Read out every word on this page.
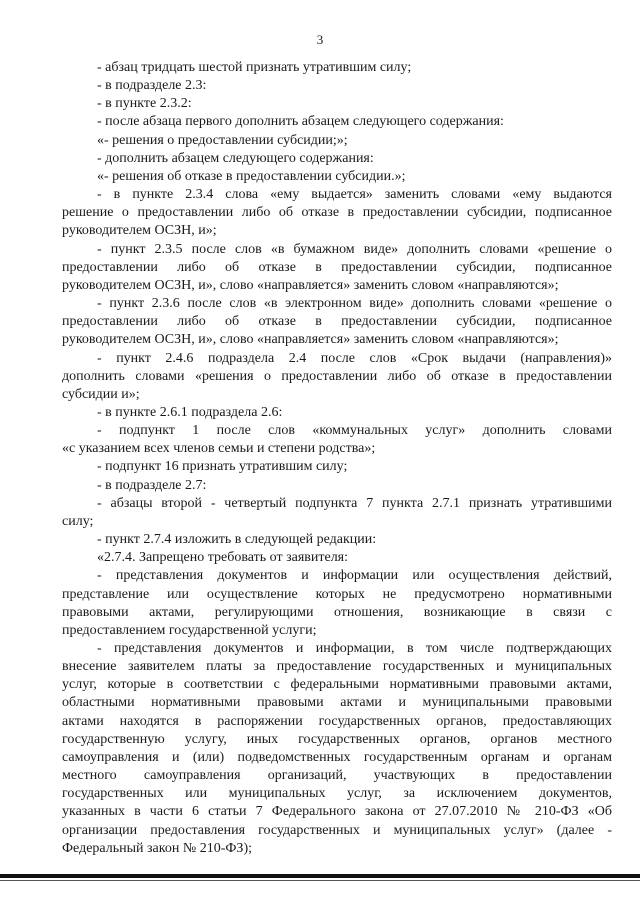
3
- абзац тридцать шестой признать утратившим силу;
- в подразделе 2.3:
- в пункте 2.3.2:
- после абзаца первого дополнить абзацем следующего содержания:
«- решения о предоставлении субсидии;»;
- дополнить абзацем следующего содержания:
«- решения об отказе в предоставлении субсидии.»;
- в пункте 2.3.4 слова «ему выдается» заменить словами «ему выдаются
решение о предоставлении либо об отказе в предоставлении субсидии, подписанное
руководителем ОСЗН, и»;
- пункт 2.3.5 после слов «в бумажном виде» дополнить словами «решение о
предоставлении либо об отказе в предоставлении субсидии, подписанное
руководителем ОСЗН, и», слово «направляется» заменить словом «направляются»;
- пункт 2.3.6 после слов «в электронном виде» дополнить словами «решение о
предоставлении либо об отказе в предоставлении субсидии, подписанное
руководителем ОСЗН, и», слово «направляется» заменить словом «направляются»;
- пункт 2.4.6 подраздела 2.4 после слов «Срок выдачи (направления)»
дополнить словами «решения о предоставлении либо об отказе в предоставлении
субсидии и»;
- в пункте 2.6.1 подраздела 2.6:
- подпункт 1 после слов «коммунальных услуг» дополнить словами
«с указанием всех членов семьи и степени родства»;
- подпункт 16 признать утратившим силу;
- в подразделе 2.7:
- абзацы второй - четвертый подпункта 7 пункта 2.7.1 признать утратившими
силу;
- пункт 2.7.4 изложить в следующей редакции:
«2.7.4. Запрещено требовать от заявителя:
- представления документов и информации или осуществления действий,
представление или осуществление которых не предусмотрено нормативными
правовыми актами, регулирующими отношения, возникающие в связи с
предоставлением государственной услуги;
- представления документов и информации, в том числе подтверждающих
внесение заявителем платы за предоставление государственных и муниципальных
услуг, которые в соответствии с федеральными нормативными правовыми актами,
областными нормативными правовыми актами и муниципальными правовыми
актами находятся в распоряжении государственных органов, предоставляющих
государственную услугу, иных государственных органов, органов местного
самоуправления и (или) подведомственных государственным органам и органам
местного самоуправления организаций, участвующих в предоставлении
государственных или муниципальных услуг, за исключением документов,
указанных в части 6 статьи 7 Федерального закона от 27.07.2010 № 210-ФЗ «Об
организации предоставления государственных и муниципальных услуг» (далее -
Федеральный закон № 210-ФЗ);
